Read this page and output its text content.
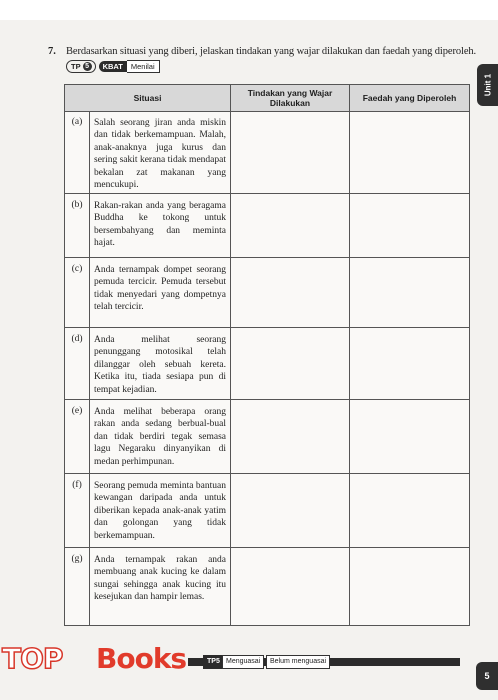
7. Berdasarkan situasi yang diberi, jelaskan tindakan yang wajar dilakukan dan faedah yang diperoleh.
TP 5	KBAT	Menilai
Unit 1
Situasi	Tindakan yang Wajar Dilakukan	Faedah yang Diperoleh
(a)	Salah seorang jiran anda miskin dan tidak berkemampuan. Malah, anak-anaknya juga kurus dan sering sakit kerana tidak mendapat bekalan zat makanan yang mencukupi.
(b)	Rakan-rakan anda yang beragama Buddha ke tokong untuk bersembahyang dan meminta hajat.
(c)	Anda ternampak dompet seorang pemuda tercicir. Pemuda tersebut tidak menyedari yang dompetnya telah tercicir.
(d)	Anda melihat seorang penunggang motosikal telah dilanggar oleh sebuah kereta. Ketika itu, tiada sesiapa pun di tempat kejadian.
(e)	Anda melihat beberapa orang rakan anda sedang berbual-bual dan tidak berdiri tegak semasa lagu Negaraku dinyanyikan di medan perhimpunan.
(f)	Seorang pemuda meminta bantuan kewangan daripada anda untuk diberikan kepada anak-anak yatim dan golongan yang tidak berkemampuan.
(g)	Anda ternampak rakan anda membuang anak kucing ke dalam sungai sehingga anak kucing itu kesejukan dan hampir lemas.
TOP Books	TP5 Menguasai	Belum menguasai
5
